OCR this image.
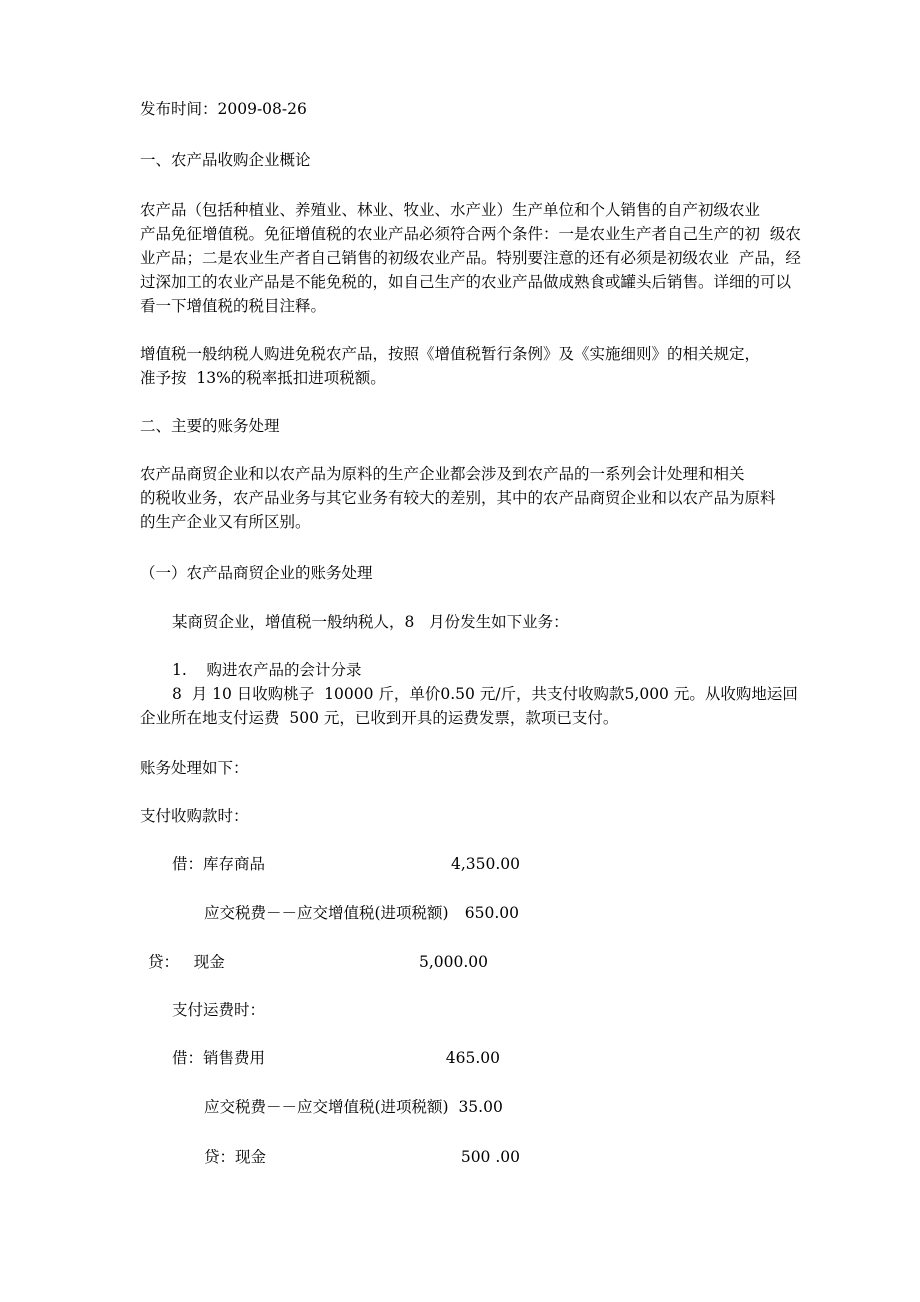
发布时间：2009-08-26
一、农产品收购企业概论
农产品（包括种植业、养殖业、林业、牧业、水产业）生产单位和个人销售的自产初级农业
产品免征增值税。免征增值税的农业产品必须符合两个条件：一是农业生产者自己生产的初  级农
业产品；二是农业生产者自己销售的初级农业产品。特别要注意的还有必须是初级农业  产品，经
过深加工的农业产品是不能免税的，如自己生产的农业产品做成熟食或罐头后销售。详细的可以
看一下增值税的税目注释。
增值税一般纳税人购进免税农产品，按照《增值税暂行条例》及《实施细则》的相关规定，
准予按  13%的税率抵扣进项税额。
二、主要的账务处理
农产品商贸企业和以农产品为原料的生产企业都会涉及到农产品的一系列会计处理和相关
的税收业务，农产品业务与其它业务有较大的差别，其中的农产品商贸企业和以农产品为原料
的生产企业又有所区别。
（一）农产品商贸企业的账务处理
某商贸企业，增值税一般纳税人，8   月份发生如下业务：
1.    购进农产品的会计分录
8  月 10 日收购桃子  10000 斤，单价0.50 元/斤，共支付收购款5,000 元。从收购地运回
企业所在地支付运费  500 元，已收到开具的运费发票，款项已支付。
账务处理如下：
支付收购款时：
借：库存商品	4,350.00
应交税费－－应交增值税(进项税额)	650.00
贷：   现金	5,000.00
支付运费时：
借：销售费用	465.00
应交税费－－应交增值税(进项税额)  35.00
贷：现金	500 .00
